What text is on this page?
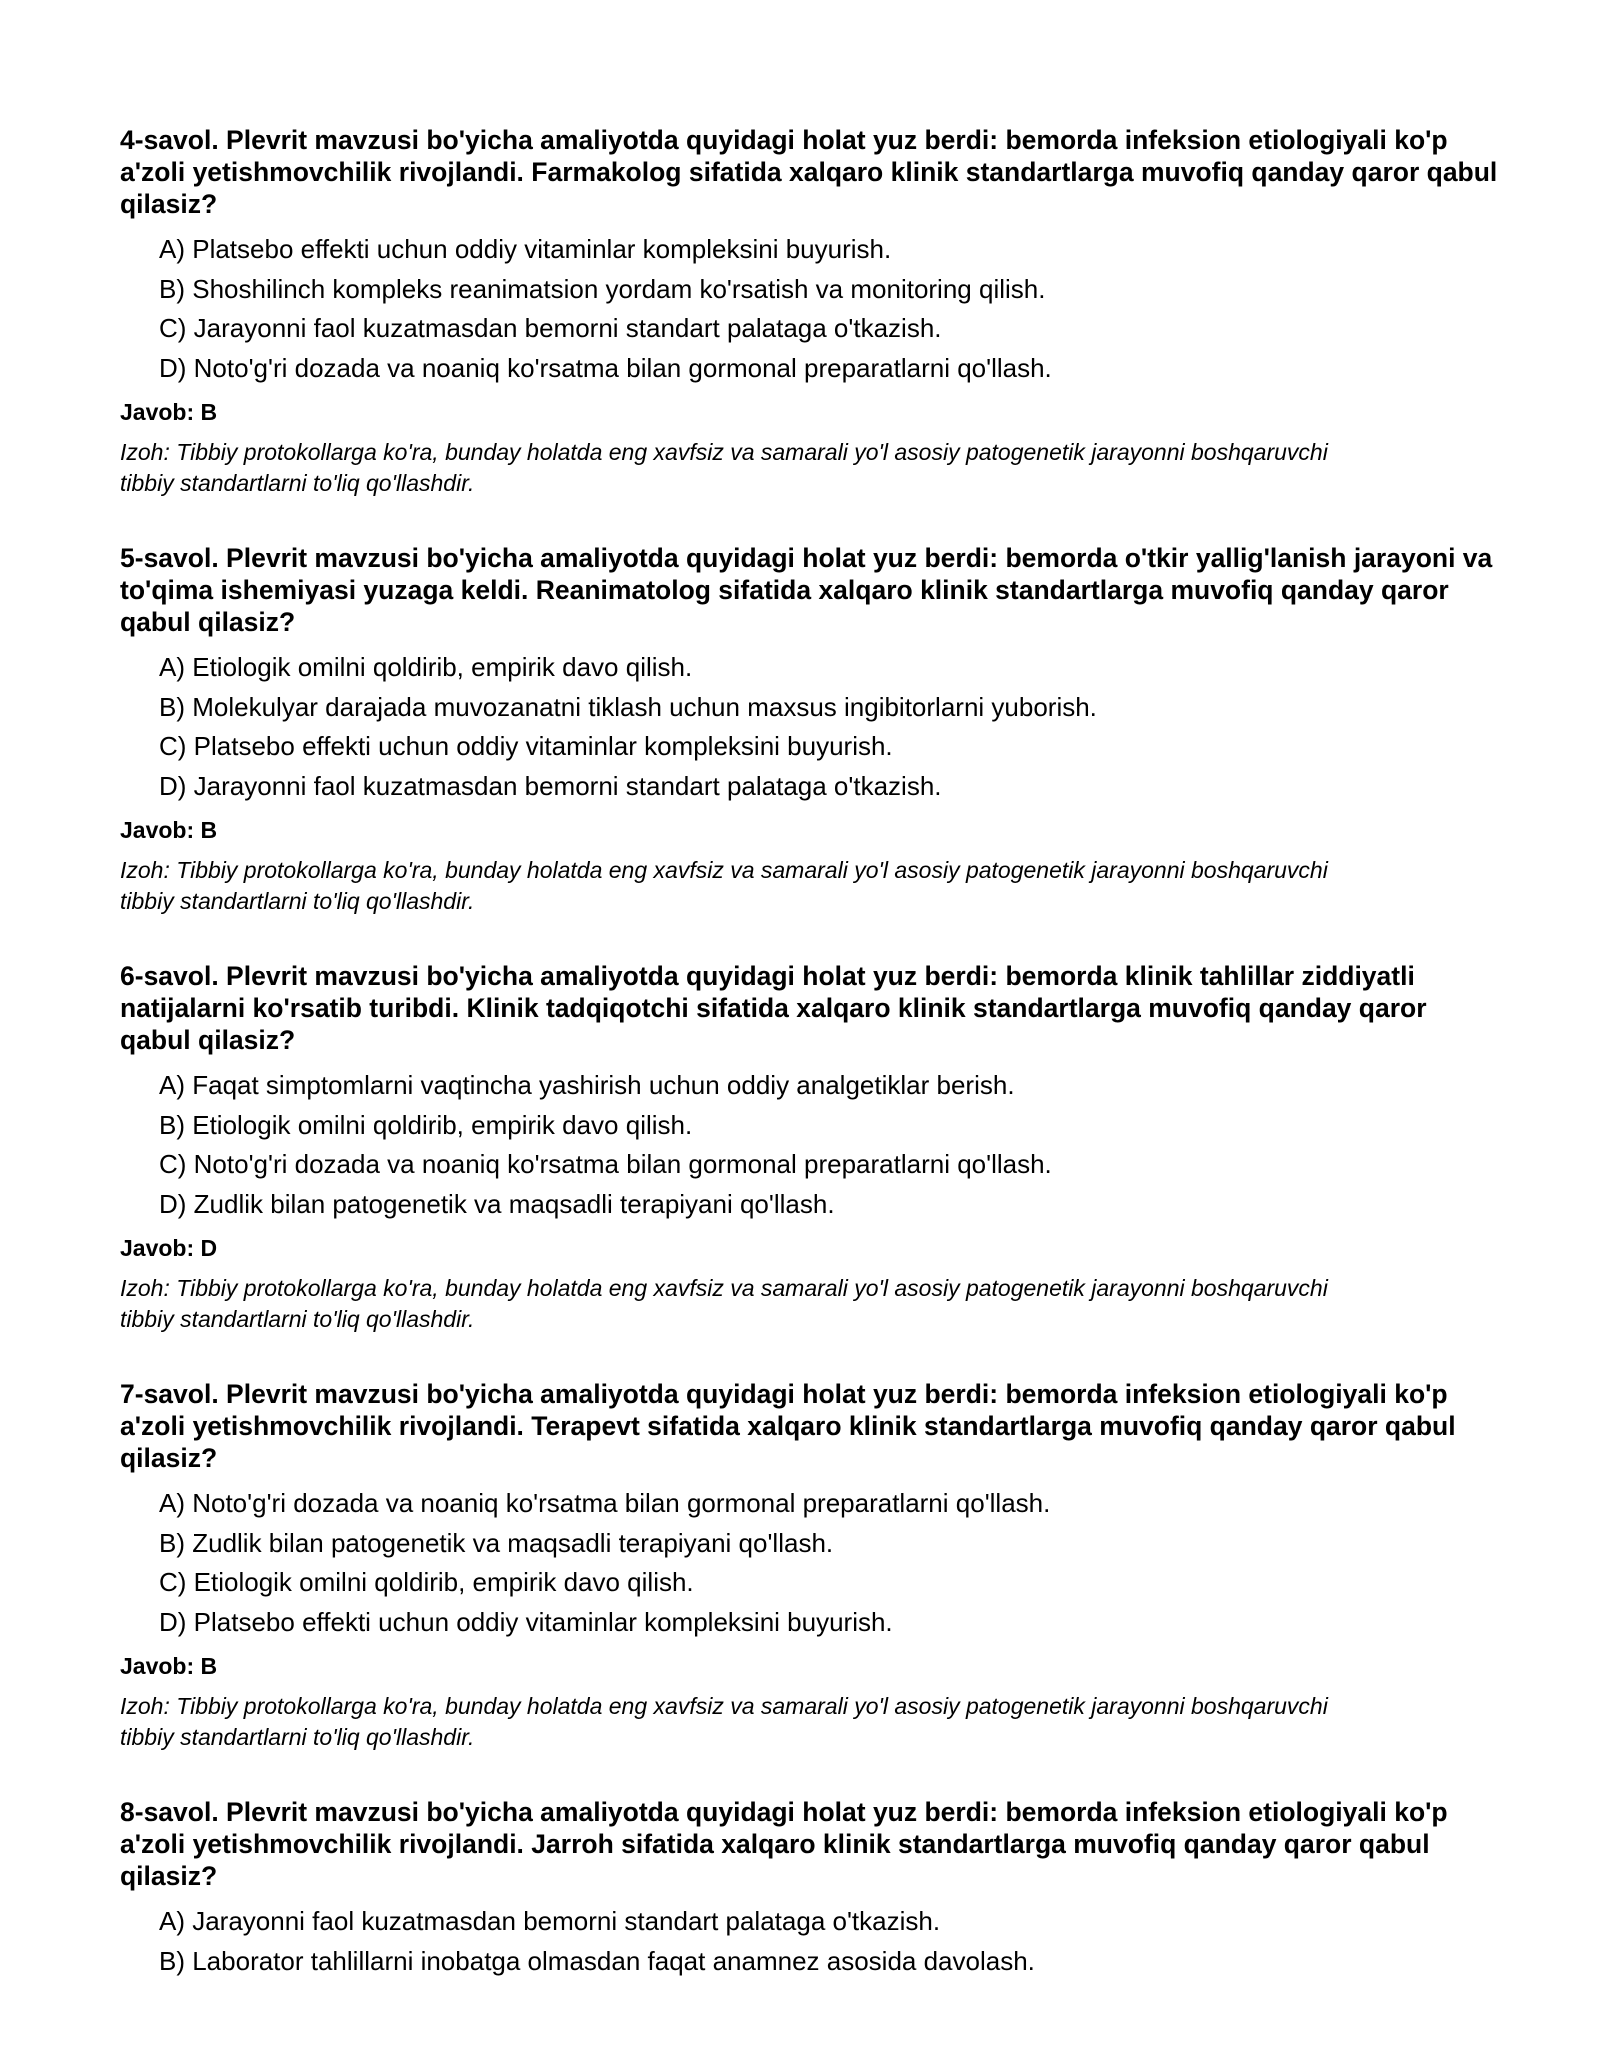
4-savol. Plevrit mavzusi bo'yicha amaliyotda quyidagi holat yuz berdi: bemorda infeksion etiologiyali ko'p a'zoli yetishmovchilik rivojlandi. Farmakolog sifatida xalqaro klinik standartlarga muvofiq qanday qaror qabul qilasiz?

A) Platsebo effekti uchun oddiy vitaminlar kompleksini buyurish.
B) Shoshilinch kompleks reanimatsion yordam ko'rsatish va monitoring qilish.
C) Jarayonni faol kuzatmasdan bemorni standart palataga o'tkazish.
D) Noto'g'ri dozada va noaniq ko'rsatma bilan gormonal preparatlarni qo'llash.

Javob: B

Izoh: Tibbiy protokollarga ko'ra, bunday holatda eng xavfsiz va samarali yo'l asosiy patogenetik jarayonni boshqaruvchi tibbiy standartlarni to'liq qo'llashdir.

5-savol. Plevrit mavzusi bo'yicha amaliyotda quyidagi holat yuz berdi: bemorda o'tkir yallig'lanish jarayoni va to'qima ishemiyasi yuzaga keldi. Reanimatolog sifatida xalqaro klinik standartlarga muvofiq qanday qaror qabul qilasiz?

A) Etiologik omilni qoldirib, empirik davo qilish.
B) Molekulyar darajada muvozanatni tiklash uchun maxsus ingibitorlarni yuborish.
C) Platsebo effekti uchun oddiy vitaminlar kompleksini buyurish.
D) Jarayonni faol kuzatmasdan bemorni standart palataga o'tkazish.

Javob: B

Izoh: Tibbiy protokollarga ko'ra, bunday holatda eng xavfsiz va samarali yo'l asosiy patogenetik jarayonni boshqaruvchi tibbiy standartlarni to'liq qo'llashdir.

6-savol. Plevrit mavzusi bo'yicha amaliyotda quyidagi holat yuz berdi: bemorda klinik tahlillar ziddiyatli natijalarni ko'rsatib turibdi. Klinik tadqiqotchi sifatida xalqaro klinik standartlarga muvofiq qanday qaror qabul qilasiz?

A) Faqat simptomlarni vaqtincha yashirish uchun oddiy analgetiklar berish.
B) Etiologik omilni qoldirib, empirik davo qilish.
C) Noto'g'ri dozada va noaniq ko'rsatma bilan gormonal preparatlarni qo'llash.
D) Zudlik bilan patogenetik va maqsadli terapiyani qo'llash.

Javob: D

Izoh: Tibbiy protokollarga ko'ra, bunday holatda eng xavfsiz va samarali yo'l asosiy patogenetik jarayonni boshqaruvchi tibbiy standartlarni to'liq qo'llashdir.

7-savol. Plevrit mavzusi bo'yicha amaliyotda quyidagi holat yuz berdi: bemorda infeksion etiologiyali ko'p a'zoli yetishmovchilik rivojlandi. Terapevt sifatida xalqaro klinik standartlarga muvofiq qanday qaror qabul qilasiz?

A) Noto'g'ri dozada va noaniq ko'rsatma bilan gormonal preparatlarni qo'llash.
B) Zudlik bilan patogenetik va maqsadli terapiyani qo'llash.
C) Etiologik omilni qoldirib, empirik davo qilish.
D) Platsebo effekti uchun oddiy vitaminlar kompleksini buyurish.

Javob: B

Izoh: Tibbiy protokollarga ko'ra, bunday holatda eng xavfsiz va samarali yo'l asosiy patogenetik jarayonni boshqaruvchi tibbiy standartlarni to'liq qo'llashdir.

8-savol. Plevrit mavzusi bo'yicha amaliyotda quyidagi holat yuz berdi: bemorda infeksion etiologiyali ko'p a'zoli yetishmovchilik rivojlandi. Jarroh sifatida xalqaro klinik standartlarga muvofiq qanday qaror qabul qilasiz?

A) Jarayonni faol kuzatmasdan bemorni standart palataga o'tkazish.
B) Laborator tahlillarni inobatga olmasdan faqat anamnez asosida davolash.
